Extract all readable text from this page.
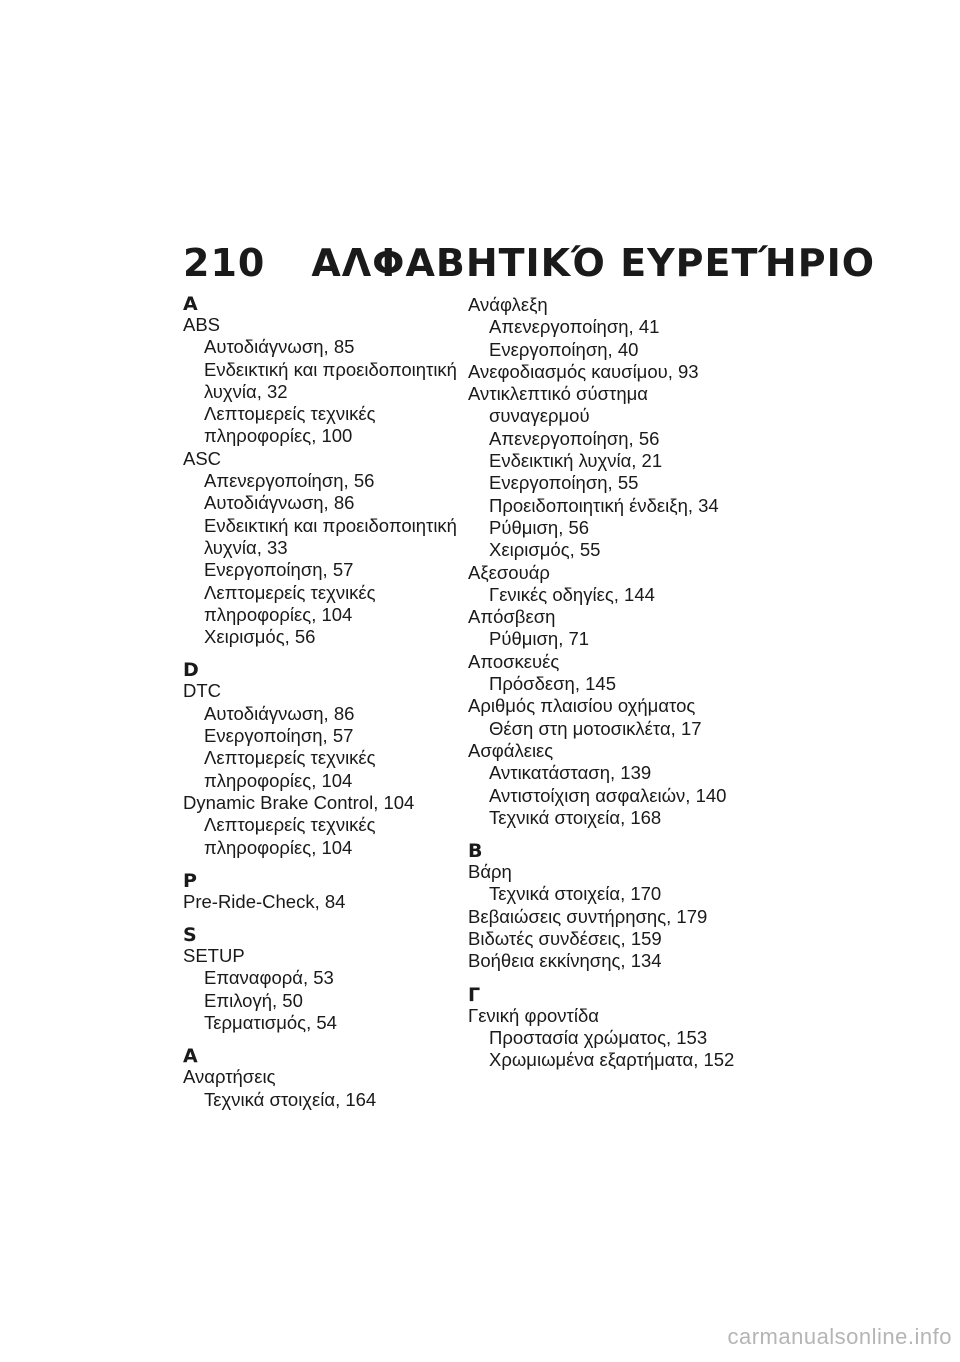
210 ΑΛΦΑΒΗΤΙΚΌ ΕΥΡΕΤΉΡΙΟ
A
ABS
Αυτοδιάγνωση, 85
Ενδεικτική και προειδοποιητική
λυχνία, 32
Λεπτομερείς τεχνικές
πληροφορίες, 100
ASC
Απενεργοποίηση, 56
Αυτοδιάγνωση, 86
Ενδεικτική και προειδοποιητική
λυχνία, 33
Ενεργοποίηση, 57
Λεπτομερείς τεχνικές
πληροφορίες, 104
Χειρισμός, 56
D
DTC
Αυτοδιάγνωση, 86
Ενεργοποίηση, 57
Λεπτομερείς τεχνικές
πληροφορίες, 104
Dynamic Brake Control, 104
Λεπτομερείς τεχνικές
πληροφορίες, 104
P
Pre-Ride-Check, 84
S
SETUP
Επαναφορά, 53
Επιλογή, 50
Τερματισμός, 54
Α
Αναρτήσεις
Τεχνικά στοιχεία, 164
Ανάφλεξη
Απενεργοποίηση, 41
Ενεργοποίηση, 40
Ανεφοδιασμός καυσίμου, 93
Αντικλεπτικό σύστημα
συναγερμού
Απενεργοποίηση, 56
Ενδεικτική λυχνία, 21
Ενεργοποίηση, 55
Προειδοποιητική ένδειξη, 34
Ρύθμιση, 56
Χειρισμός, 55
Αξεσουάρ
Γενικές οδηγίες, 144
Απόσβεση
Ρύθμιση, 71
Αποσκευές
Πρόσδεση, 145
Αριθμός πλαισίου οχήματος
Θέση στη μοτοσικλέτα, 17
Ασφάλειες
Αντικατάσταση, 139
Αντιστοίχιση ασφαλειών, 140
Τεχνικά στοιχεία, 168
Β
Βάρη
Τεχνικά στοιχεία, 170
Βεβαιώσεις συντήρησης, 179
Βιδωτές συνδέσεις, 159
Βοήθεια εκκίνησης, 134
Γ
Γενική φροντίδα
Προστασία χρώματος, 153
Χρωμιωμένα εξαρτήματα, 152
carmanualsonline.info
